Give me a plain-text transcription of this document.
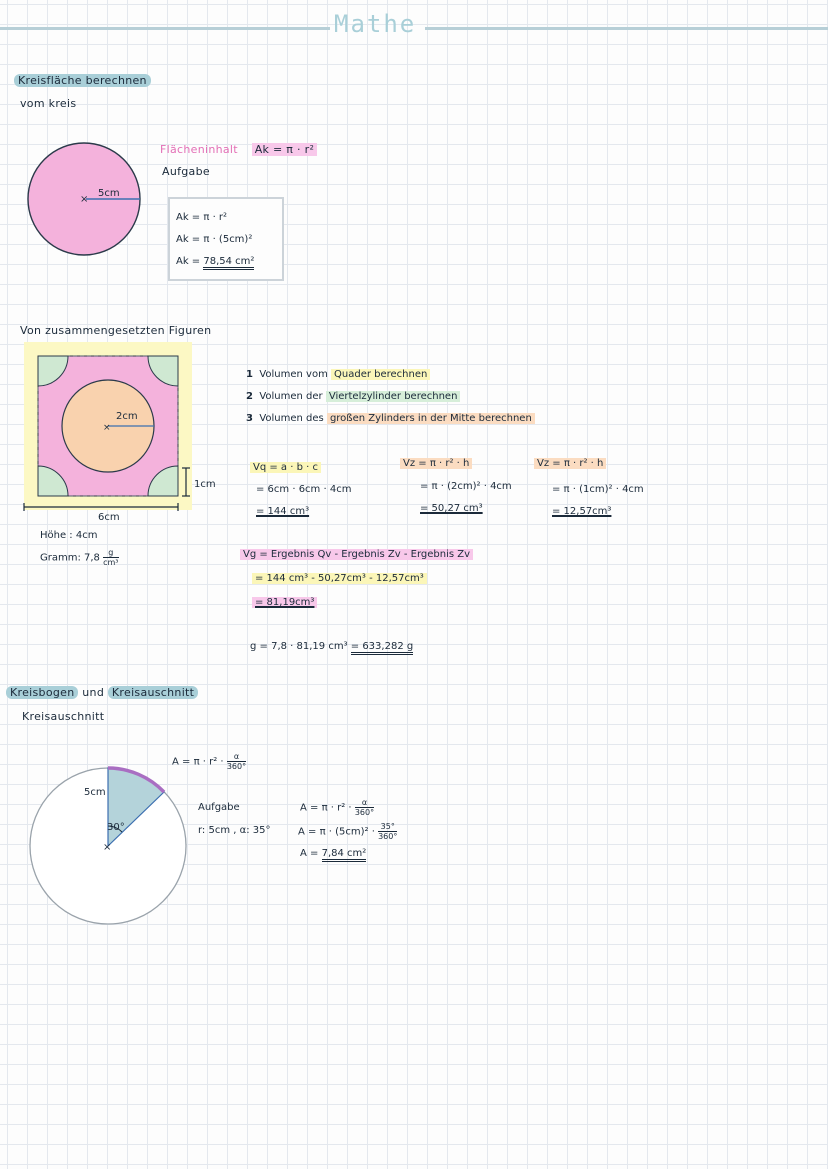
Mathe
Kreisfläche berechnen
vom kreis
×
5cm
Flächeninhalt Ak = π · r²
Aufgabe
Ak = π · r²
Ak = π · (5cm)²
Ak = 78,54 cm²
Von zusammengesetzten Figuren
×
2cm
1cm
6cm
Höhe : 4cm
Gramm: $7,8 \frac{g}{\text{cm³}}$
1 Volumen vom Quader berechnen
2 Volumen der Viertelzylinder berechnen
3 Volumen des großen Zylinders in der Mitte berechnen
Vq = a · b · c
= 6cm · 6cm · 4cm
= 144 cm³
Vz = π · r² · h
= π · (2cm)² · 4cm
= 50,27 cm³
Vz = π · r² · h
= π · (1cm)² · 4cm
= 12,57cm³
Vg = Ergebnis Qv - Ergebnis Zv - Ergebnis Zv
= 144 cm³ - 50,27cm³ - 12,57cm³
= 81,19cm³
g = 7,8 · 81,19 cm³ = 633,282 g
Kreisbogen und Kreisauschnitt
Kreisauschnitt
$A = \pi \cdot r^2 \cdot \frac{\alpha}{360^\circ}$
×
5cm
30°
Aufgabe
r: 5cm , α: 35°
$A = \pi \cdot r^2 \cdot \frac{\alpha}{360^\circ}$
$A = \pi \cdot (5cm)^2 \cdot \frac{35^\circ}{360^\circ}$
A = 7,84 cm²
